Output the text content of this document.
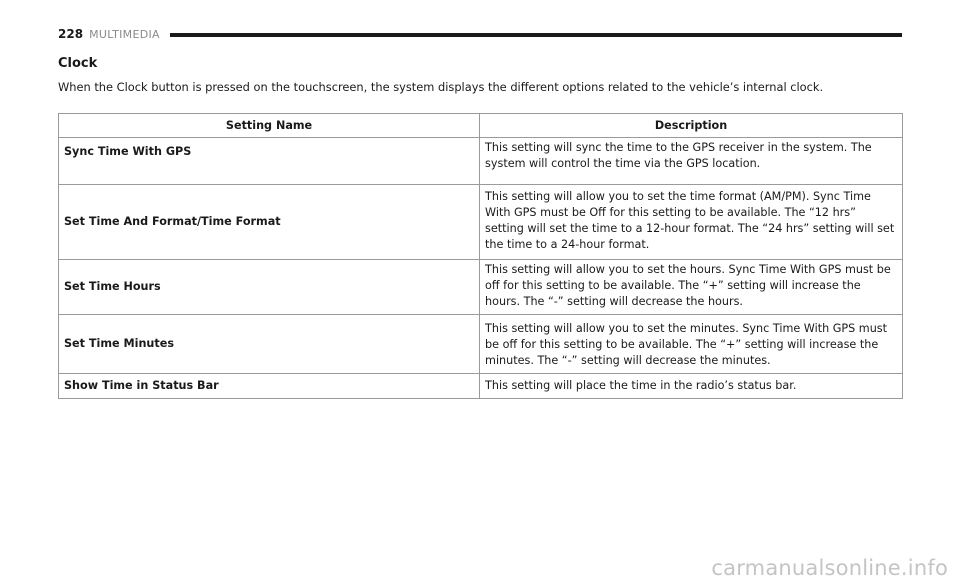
228 MULTIMEDIA
Clock

When the Clock button is pressed on the touchscreen, the system displays the different options related to the vehicle’s internal clock.

Setting Name	Description
Sync Time With GPS	This setting will sync the time to the GPS receiver in the system. The system will control the time via the GPS location.
Set Time And Format/Time Format	This setting will allow you to set the time format (AM/PM). Sync Time With GPS must be Off for this setting to be available. The “12 hrs” setting will set the time to a 12-hour format. The “24 hrs” setting will set the time to a 24-hour format.
Set Time Hours	This setting will allow you to set the hours. Sync Time With GPS must be off for this setting to be available. The “+” setting will increase the hours. The “-” setting will decrease the hours.
Set Time Minutes	This setting will allow you to set the minutes. Sync Time With GPS must be off for this setting to be available. The “+” setting will increase the minutes. The “-” setting will decrease the minutes.
Show Time in Status Bar	This setting will place the time in the radio’s status bar.
carmanualsonline.info
